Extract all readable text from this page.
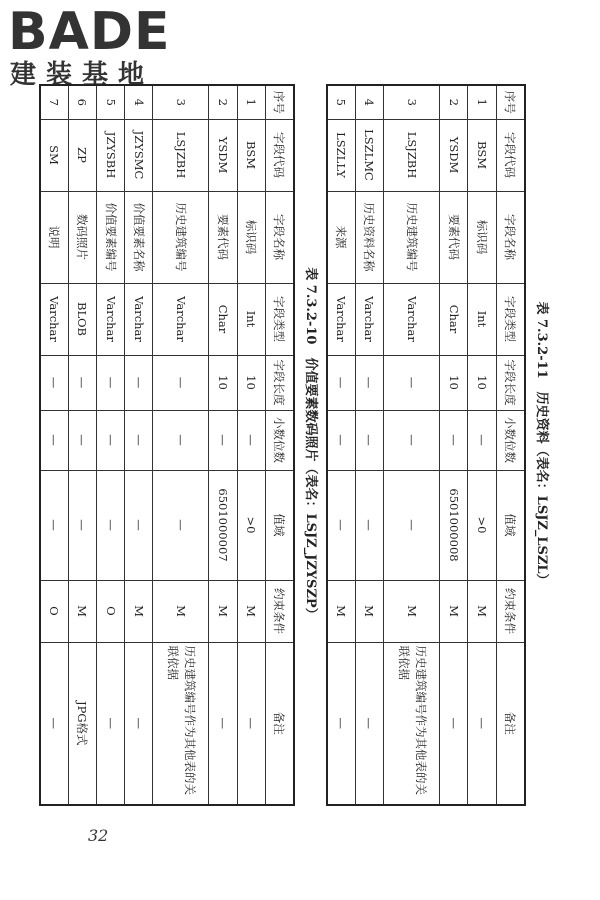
BADE
建装基地
表 7.3.2-10　价值要素数码照片（表名：LSJZ_JZYSZP）
序号	字段代码	字段名称	字段类型	字段长度	小数位数	值域	约束条件	备注
1	BSM	标识码	Int	10	—	>0	M	—
2	YSDM	要素代码	Char	10	—	6501000007	M	—
3	LSJZBH	历史建筑编号	Varchar	—	—	—	M	历史建筑编号作为其他表的关联依据
4	JZYSMC	价值要素名称	Varchar	—	—	—	M	—
5	JZYSBH	价值要素编号	Varchar	—	—	—	O	—
6	ZP	数码照片	BLOB	—	—	—	M	JPG格式
7	SM	说明	Varchar	—	—	—	O	—
表 7.3.2-11　历史资料（表名：LSJZ_LSZL）
序号	字段代码	字段名称	字段类型	字段长度	小数位数	值域	约束条件	备注
1	BSM	标识码	Int	10	—	>0	M	—
2	YSDM	要素代码	Char	10	—	6501000008	M	—
3	LSJZBH	历史建筑编号	Varchar	—	—	—	M	历史建筑编号作为其他表的关联依据
4	LSZLMC	历史资料名称	Varchar	—	—	—	M	—
5	LSZLLY	来源	Varchar	—	—	—	M	—
32
